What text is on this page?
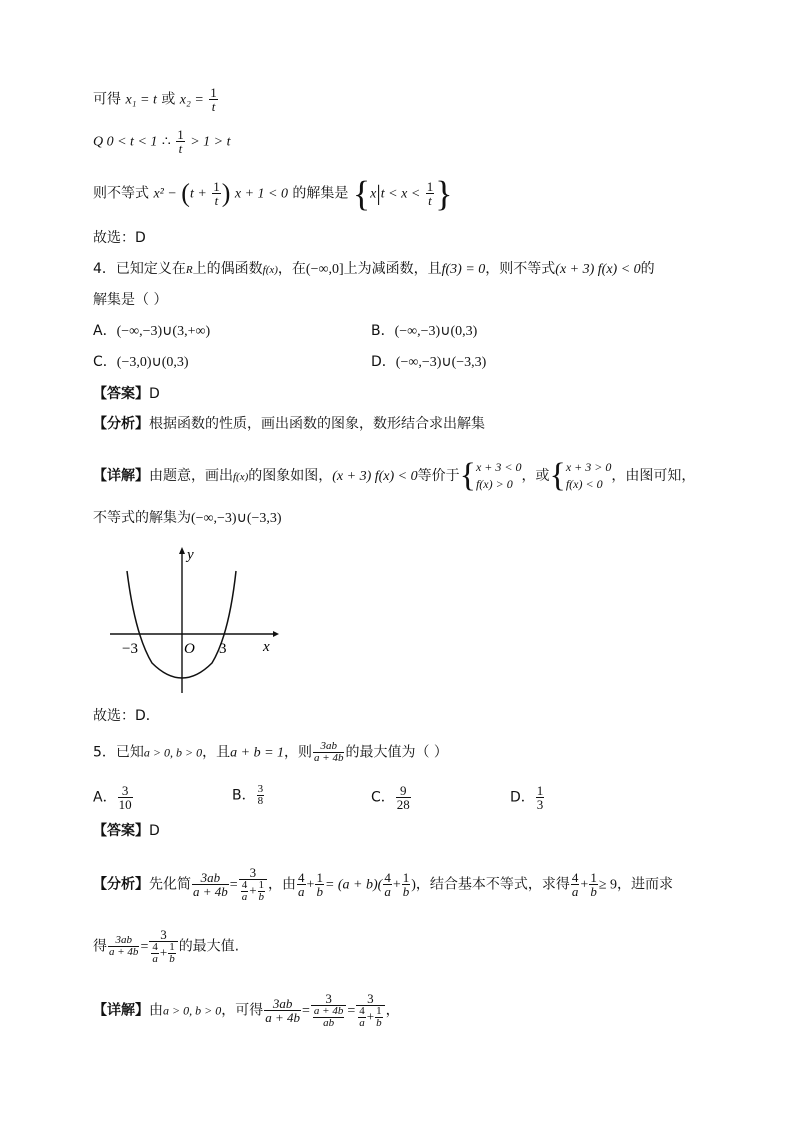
可得 x₁ = t 或 $x_2 = \frac{1}{t}$
Q 0 < t < 1 ∴ $\frac{1}{t} > 1 > t$
则不等式 $x^2 - (t + \frac{1}{t}$ ) x + 1 < 0 的解集是 {$x|t < x < \frac{1}{t}$ }
故选：D
4．已知定义在R上的偶函数f(x)，在(−∞,0]上为减函数，且f(3) = 0，则不等式(x + 3) f(x) < 0的
解集是（ ）
A．(−∞,−3)∪(3,+∞)	B．(−∞,−3)∪(0,3)
C．(−3,0)∪(0,3)	D．(−∞,−3)∪(−3,3)
【答案】D
【分析】根据函数的性质，画出函数的图象，数形结合求出解集
【详解】由题意，画出f(x)的图象如图，(x + 3) f(x) < 0等价于{ x + 3 < 0
f(x) > 0 ，或{ x + 3 > 0
f(x) < 0 ，由图可知，
不等式的解集为(−∞,−3)∪(−3,3)
y
x
O
−3	3
故选：D．
5．已知a > 0, b > 0，且a + b = 1，则 $\frac{3ab}{a + 4b}$ 的最大值为（ ）
A． $\frac{3}{10}$	B． $\frac{3}{8}$	C． $\frac{9}{28}$	D． $\frac{1}{3}$
【答案】D
【分析】先化简 $\frac{3ab}{a + 4b} = \frac{3}{\frac{4}{a} + \frac{1}{b}}$ ，由 $\frac{4}{a} + \frac{1}{b} = (a + b)( \frac{4}{a} + \frac{1}{b}$ )，结合基本不等式，求得 $\frac{4}{a} + \frac{1}{b} \ge 9$，进而求
得 $\frac{3ab}{a + 4b} = \frac{3}{\frac{4}{a} + \frac{1}{b}}$ 的最大值.
【详解】由a > 0, b > 0，可得 $\frac{3ab}{a + 4b} = \frac{3}{\frac{a + 4b}{ab}} = \frac{3}{\frac{4}{a} + \frac{1}{b}}$ ，
